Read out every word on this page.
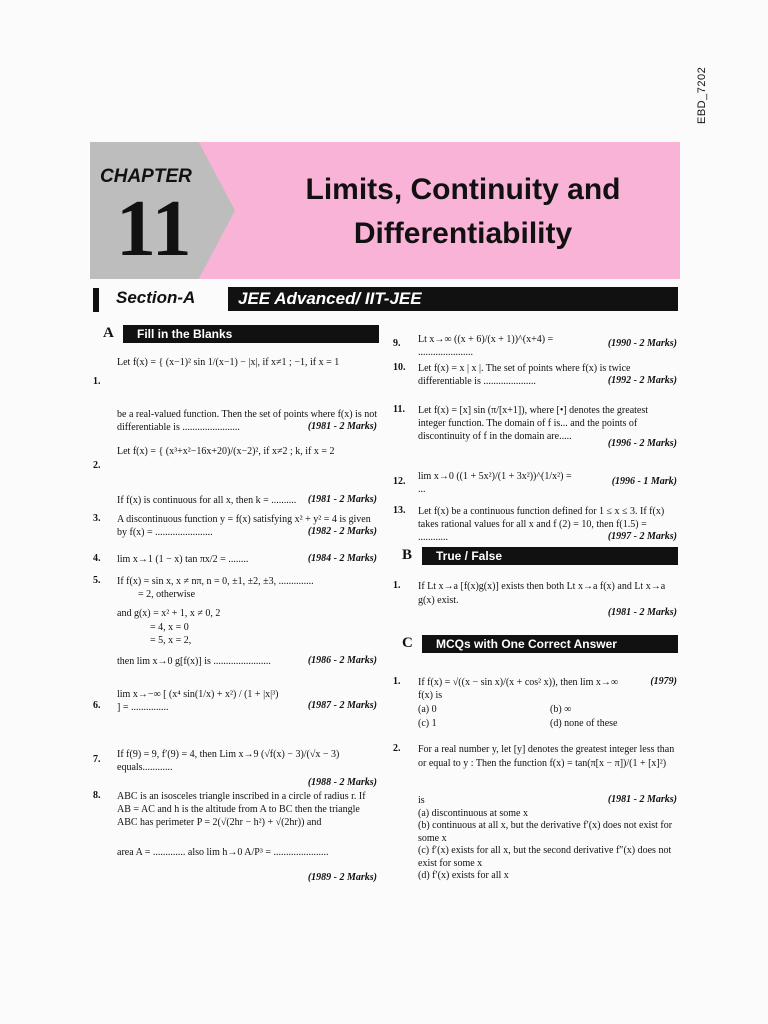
EBD_7202
CHAPTER
11	Limits, Continuity and
Differentiability
Section-A	JEE Advanced/ IIT-JEE
A	Fill in the Blanks
B	True / False
C	MCQs with One Correct Answer
1.
Let f(x) = { (x−1)² sin 1/(x−1) − |x|, if x≠1 ; −1, if x = 1
be a real-valued function. Then the set of points where f(x) is not differentiable is .......................	(1981 - 2 Marks)
2.
Let f(x) = { (x³+x²−16x+20)/(x−2)², if x≠2 ; k, if x = 2
If f(x) is continuous for all x, then k = ..........	(1981 - 2 Marks)
3. A discontinuous function y = f(x) satisfying x² + y² = 4 is given by f(x) = .......................	(1982 - 2 Marks)
4. lim x→1 (1 − x) tan πx/2 = ........	(1984 - 2 Marks)
5. If f(x) = sin x, x ≠ nπ, n = 0, ±1, ±2, ±3, ..............
= 2, otherwise
and g(x) = x² + 1, x ≠ 0, 2
= 4, x = 0
= 5, x = 2,
then lim x→0 g[f(x)] is .......................	(1986 - 2 Marks)
6.
lim x→−∞ [ (x⁴ sin(1/x) + x²) / (1 + |x|³) ] = ...............	(1987 - 2 Marks)
7. If f(9) = 9, f′(9) = 4, then Lim x→9 (√f(x) − 3)/(√x − 3) equals............
(1988 - 2 Marks)
8. ABC is an isosceles triangle inscribed in a circle of radius r. If AB = AC and h is the altitude from A to BC then the triangle ABC has perimeter P = 2(√(2hr − h²) + √(2hr)) and
area A = ............. also lim h→0 A/P³ = ......................
(1989 - 2 Marks)
9. Lt x→∞ ((x + 6)/(x + 1))^(x+4) = ......................
(1990 - 2 Marks)
10. Let f(x) = x | x |. The set of points where f(x) is twice differentiable is .....................	(1992 - 2 Marks)
11. Let f(x) = [x] sin (π/[x+1]), where [•] denotes the greatest integer function. The domain of f is... and the points of discontinuity of f in the domain are.....
(1996 - 2 Marks)
12. lim x→0 ((1 + 5x²)/(1 + 3x²))^(1/x²) = ...
(1996 - 1 Mark)
13. Let f(x) be a continuous function defined for 1 ≤ x ≤ 3. If f(x) takes rational values for all x and f (2) = 10, then f(1.5) = ............	(1997 - 2 Marks)
1. If Lt x→a [f(x)g(x)] exists then both Lt x→a f(x) and Lt x→a g(x) exist.
(1981 - 2 Marks)
1. If f(x) = √((x − sin x)/(x + cos² x)), then lim x→∞ f(x) is
(1979)
(a) 0	(b) ∞
(c) 1	(d) none of these
2. For a real number y, let [y] denotes the greatest integer less than or equal to y : Then the function f(x) = tan(π[x − π])/(1 + [x]²)
is	(1981 - 2 Marks)
(a) discontinuous at some x
(b) continuous at all x, but the derivative f′(x) does not exist for some x
(c) f′(x) exists for all x, but the second derivative f″(x) does not exist for some x
(d) f′(x) exists for all x
